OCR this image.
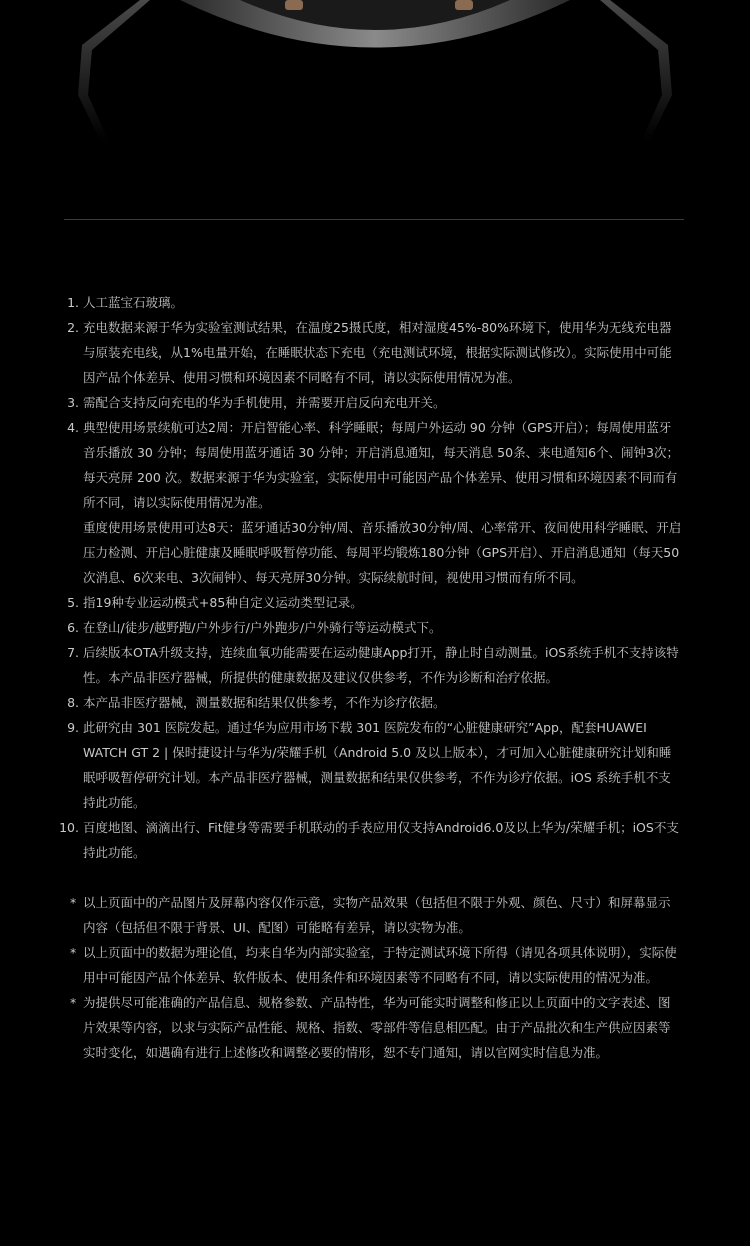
1. 人工蓝宝石玻璃。

2. 充电数据来源于华为实验室测试结果，在温度25摄氏度，相对湿度45%-80%环境下，使用华为无线充电器与原装充电线，从1%电量开始，在睡眠状态下充电（充电测试环境，根据实际测试修改）。实际使用中可能因产品个体差异、使用习惯和环境因素不同略有不同，请以实际使用情况为准。

3. 需配合支持反向充电的华为手机使用，并需要开启反向充电开关。

4. 典型使用场景续航可达2周：开启智能心率、科学睡眠；每周户外运动 90 分钟（GPS开启）；每周使用蓝牙音乐播放 30 分钟；每周使用蓝牙通话 30 分钟；开启消息通知，每天消息 50条、来电通知6个、闹钟3次；每天亮屏 200 次。数据来源于华为实验室，实际使用中可能因产品个体差异、使用习惯和环境因素不同而有所不同，请以实际使用情况为准。

重度使用场景使用可达8天：蓝牙通话30分钟/周、音乐播放30分钟/周、心率常开、夜间使用科学睡眠、开启压力检测、开启心脏健康及睡眠呼吸暂停功能、每周平均锻炼180分钟（GPS开启）、开启消息通知（每天50次消息、6次来电、3次闹钟）、每天亮屏30分钟。实际续航时间，视使用习惯而有所不同。

5. 指19种专业运动模式+85种自定义运动类型记录。

6. 在登山/徒步/越野跑/户外步行/户外跑步/户外骑行等运动模式下。

7. 后续版本OTA升级支持，连续血氧功能需要在运动健康App打开，静止时自动测量。iOS系统手机不支持该特性。本产品非医疗器械，所提供的健康数据及建议仅供参考，不作为诊断和治疗依据。

8. 本产品非医疗器械，测量数据和结果仅供参考，不作为诊疗依据。

9. 此研究由 301 医院发起。通过华为应用市场下载 301 医院发布的“心脏健康研究”App，配套HUAWEI WATCH GT 2 | 保时捷设计与华为/荣耀手机（Android 5.0 及以上版本），才可加入心脏健康研究计划和睡眠呼吸暂停研究计划。本产品非医疗器械，测量数据和结果仅供参考，不作为诊疗依据。iOS 系统手机不支持此功能。

10. 百度地图、滴滴出行、Fit健身等需要手机联动的手表应用仅支持Android6.0及以上华为/荣耀手机；iOS不支持此功能。

* 以上页面中的产品图片及屏幕内容仅作示意，实物产品效果（包括但不限于外观、颜色、尺寸）和屏幕显示内容（包括但不限于背景、UI、配图）可能略有差异，请以实物为准。
* 以上页面中的数据为理论值，均来自华为内部实验室，于特定测试环境下所得（请见各项具体说明），实际使用中可能因产品个体差异、软件版本、使用条件和环境因素等不同略有不同，请以实际使用的情况为准。
* 为提供尽可能准确的产品信息、规格参数、产品特性，华为可能实时调整和修正以上页面中的文字表述、图片效果等内容，以求与实际产品性能、规格、指数、零部件等信息相匹配。由于产品批次和生产供应因素等实时变化，如遇确有进行上述修改和调整必要的情形，恕不专门通知，请以官网实时信息为准。
